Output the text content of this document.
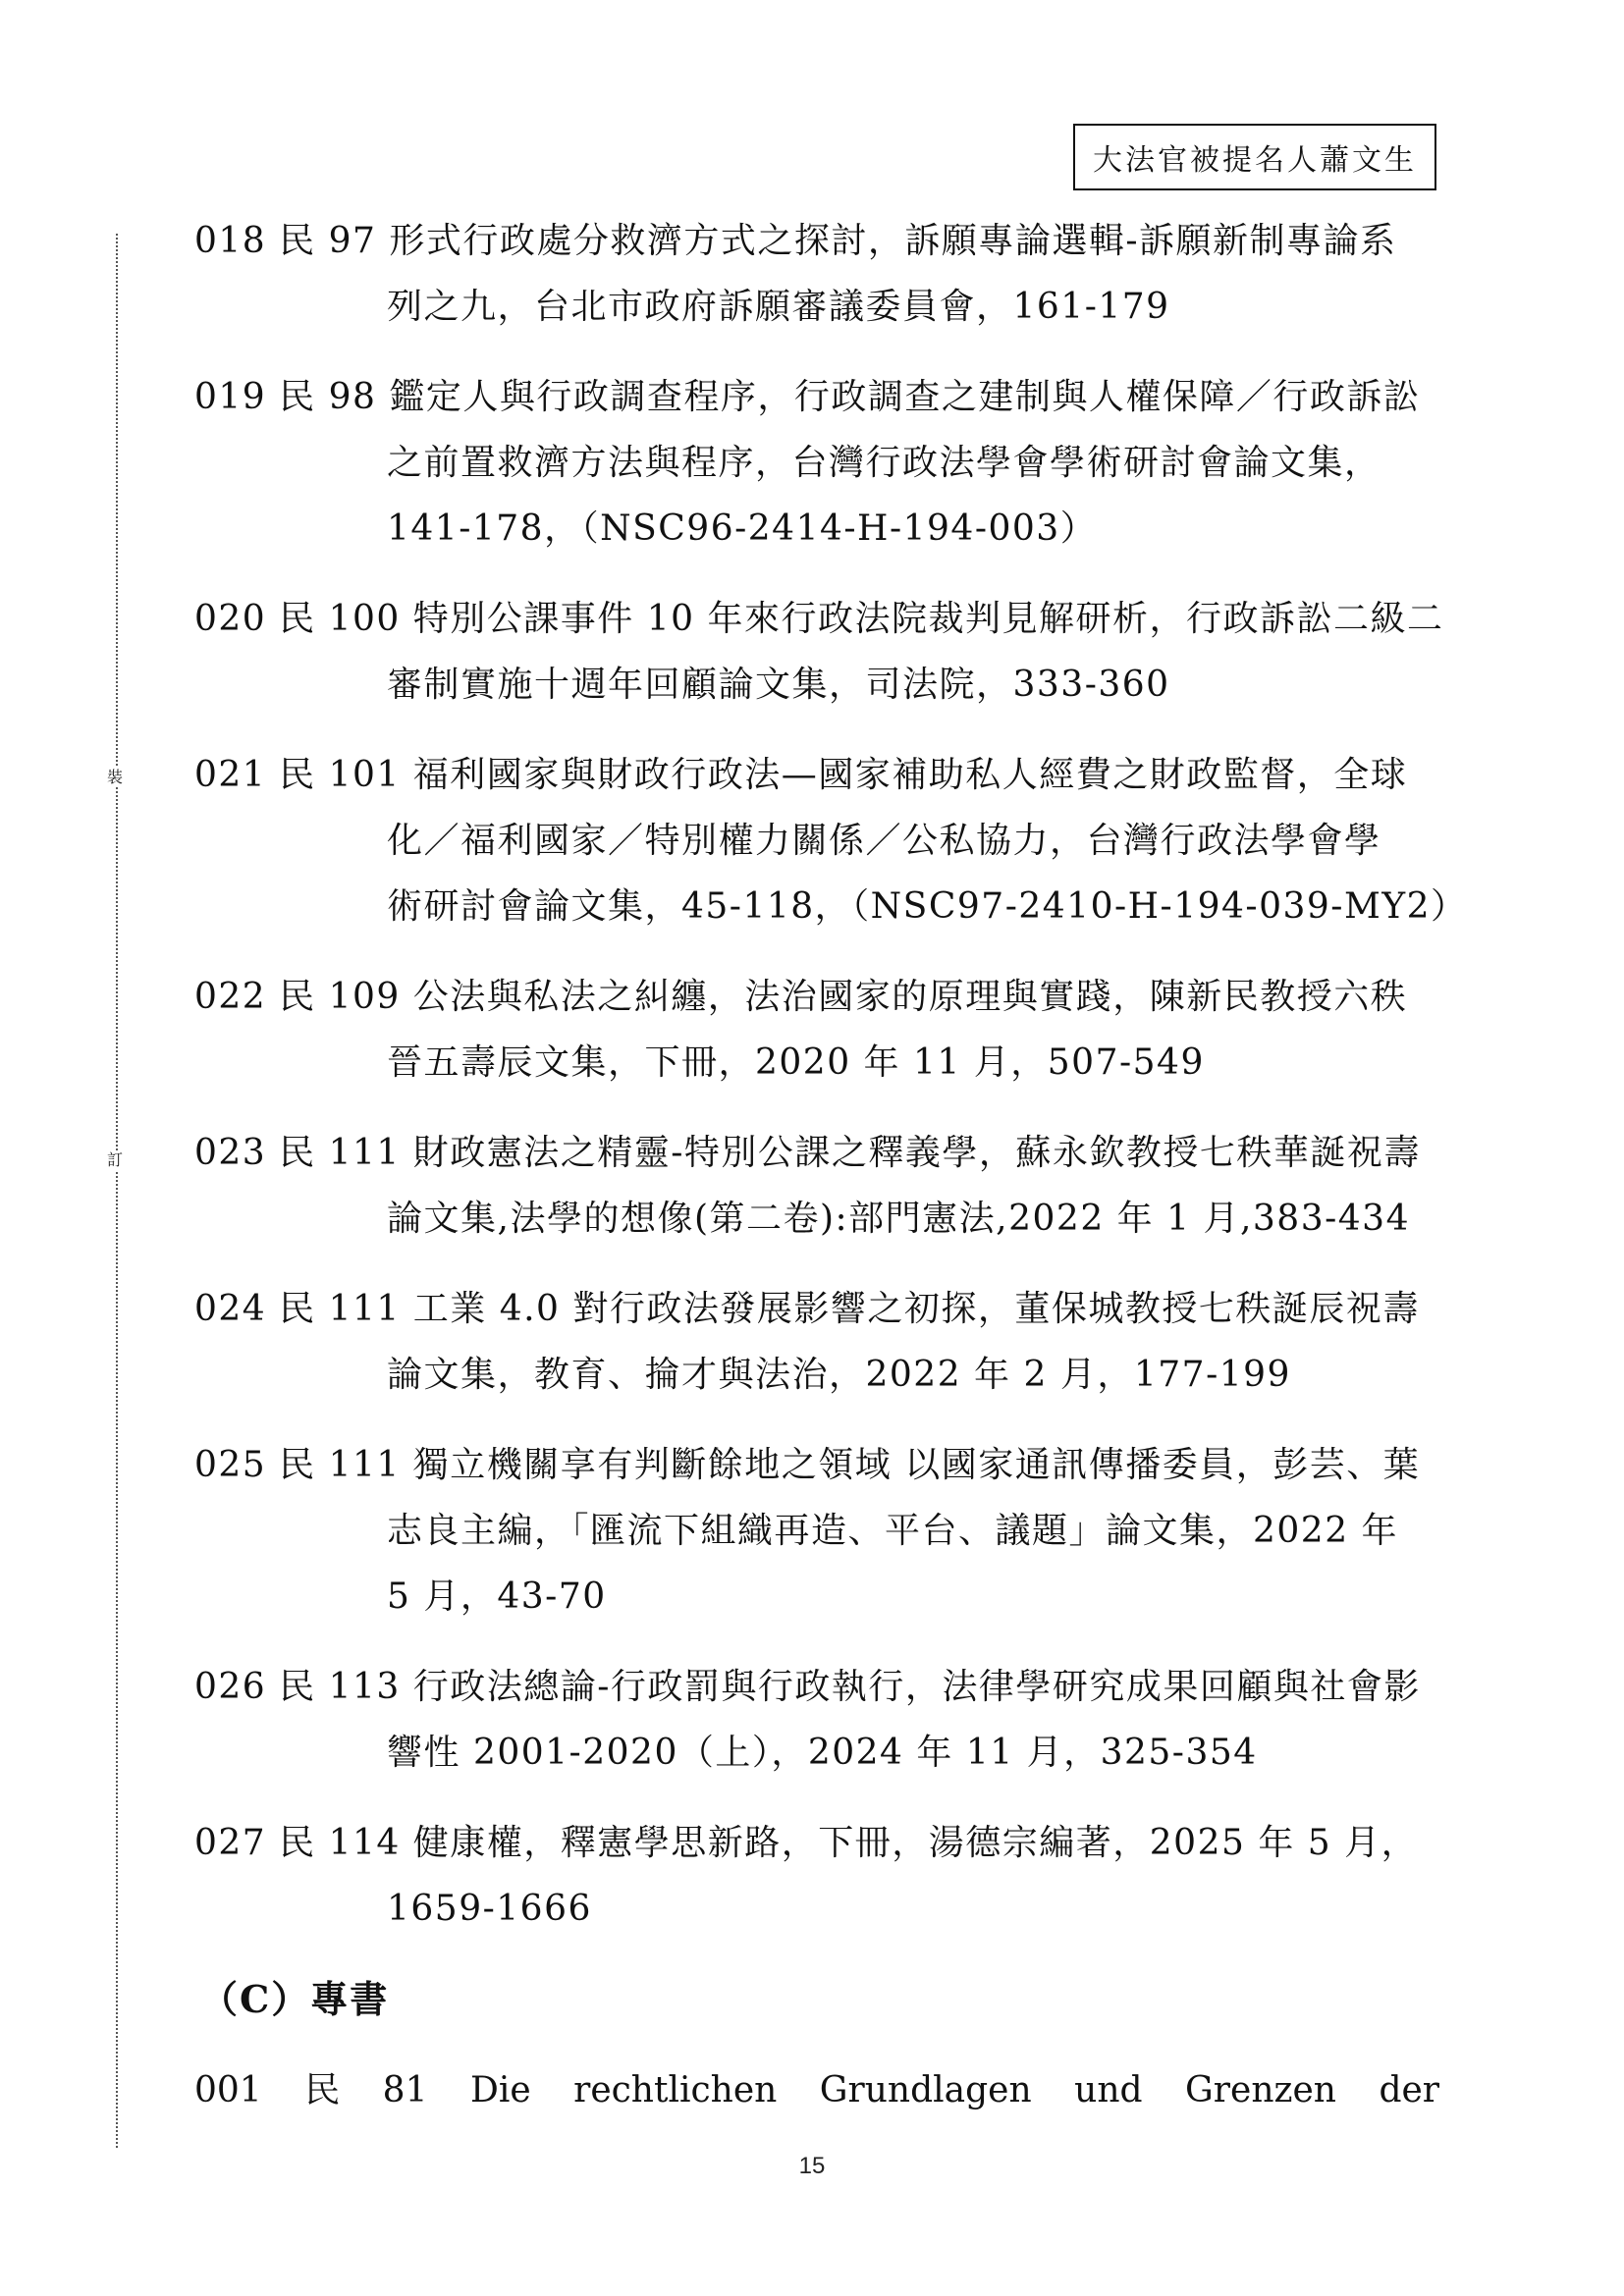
大法官被提名人蕭文生
裝
訂
018 民 97 形式行政處分救濟方式之探討，訴願專論選輯-訴願新制專論系
列之九，台北市政府訴願審議委員會，161-179
019 民 98 鑑定人與行政調查程序，行政調查之建制與人權保障／行政訴訟
之前置救濟方法與程序，台灣行政法學會學術研討會論文集，
141-178，（NSC96-2414-H-194-003）
020 民 100 特別公課事件 10 年來行政法院裁判見解研析，行政訴訟二級二
審制實施十週年回顧論文集，司法院，333-360
021 民 101 福利國家與財政行政法—國家補助私人經費之財政監督，全球
化／福利國家／特別權力關係／公私協力，台灣行政法學會學
術研討會論文集，45-118，（NSC97-2410-H-194-039-MY2）
022 民 109 公法與私法之糾纏，法治國家的原理與實踐，陳新民教授六秩
晉五壽辰文集，下冊，2020 年 11 月，507-549
023 民 111 財政憲法之精靈-特別公課之釋義學，蘇永欽教授七秩華誕祝壽
論文集,法學的想像(第二卷):部門憲法,2022 年 1 月,383-434
024 民 111 工業 4.0 對行政法發展影響之初探，董保城教授七秩誕辰祝壽
論文集，教育、掄才與法治，2022 年 2 月，177-199
025 民 111 獨立機關享有判斷餘地之領域 以國家通訊傳播委員，彭芸、葉
志良主編，「匯流下組織再造、平台、議題」論文集，2022 年
5 月，43-70
026 民 113 行政法總論-行政罰與行政執行，法律學研究成果回顧與社會影
響性 2001-2020（上），2024 年 11 月，325-354
027 民 114 健康權，釋憲學思新路，下冊，湯德宗編著，2025 年 5 月，
1659-1666
（C）專書
001 民 81 Die rechtlichen Grundlagen und Grenzen der
15
